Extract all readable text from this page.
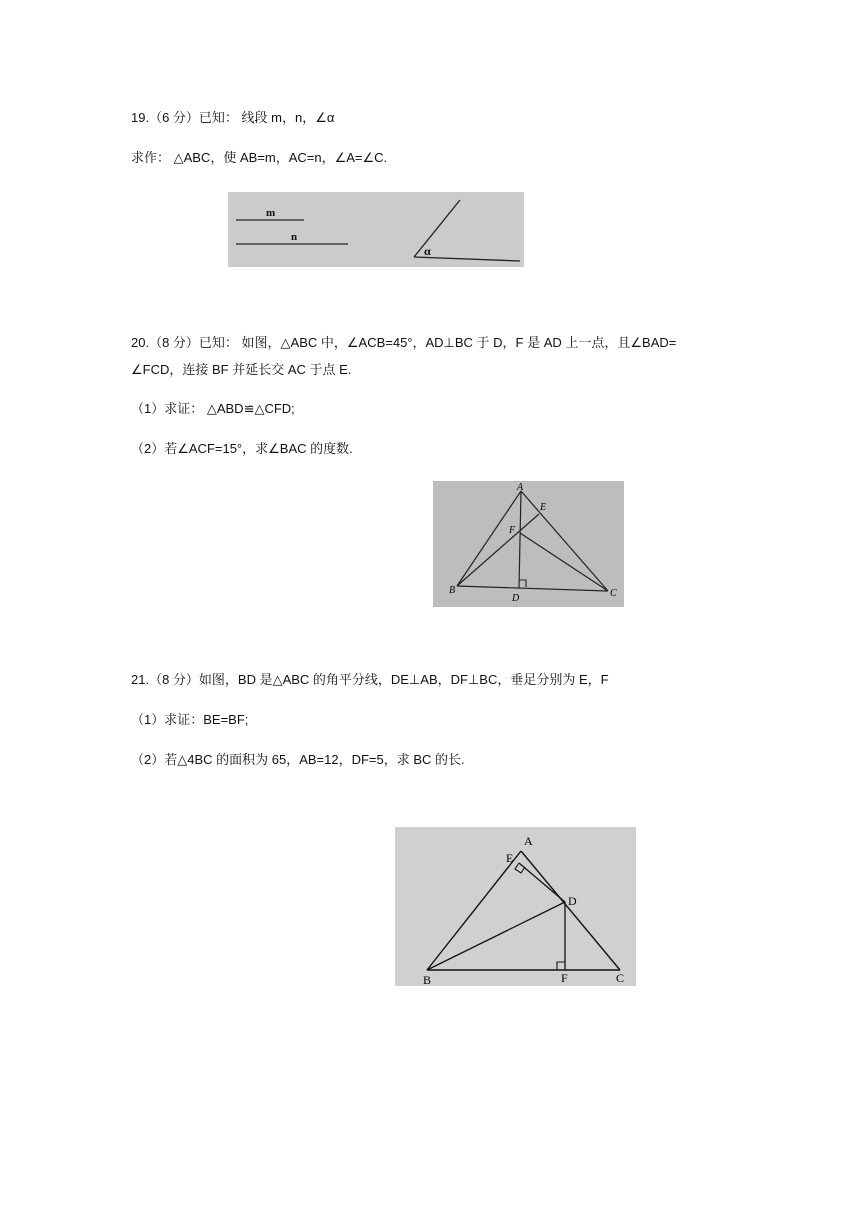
19.（6 分）已知： 线段 m，n，∠α
求作： △ABC，使 AB=m，AC=n，∠A=∠C.
m
n
α
20.（8 分）已知： 如图，△ABC 中，∠ACB=45°，AD⊥BC 于 D，F 是 AD 上一点，且∠BAD=
∠FCD，连接 BF 并延长交 AC 于点 E.
（1）求证： △ABD≌△CFD;
（2）若∠ACF=15°，求∠BAC 的度数.
A
E
F
B
D	C
21.（8 分）如图，BD 是△ABC 的角平分线，DE⊥AB，DF⊥BC，垂足分别为 E，F
（1）求证：BE=BF;
（2）若△4BC 的面积为 65，AB=12，DF=5，求 BC 的长.
A
E
D
B	F	C
